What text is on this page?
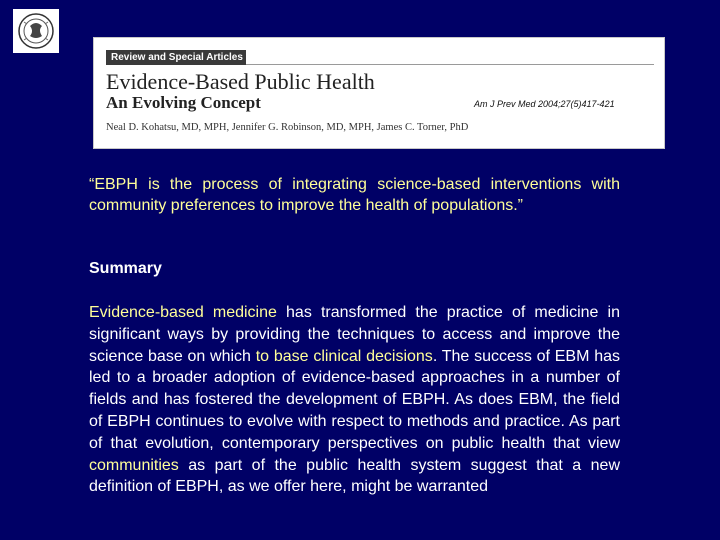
Review and Special Articles
Evidence-Based Public Health
An Evolving Concept	Am J Prev Med 2004;27(5)417-421
Neal D. Kohatsu, MD, MPH, Jennifer G. Robinson, MD, MPH, James C. Torner, PhD
“EBPH is the process of integrating science-based interventions with community preferences to improve the health of populations.”
Summary
Evidence-based medicine has transformed the practice of medicine in significant ways by providing the techniques to access and improve the science base on which to base clinical decisions. The success of EBM has led to a broader adoption of evidence-based approaches in a number of fields and has fostered the development of EBPH. As does EBM, the field of EBPH continues to evolve with respect to methods and practice. As part of that evolution, contemporary perspectives on public health that view communities as part of the public health system suggest that a new definition of EBPH, as we offer here, might be warranted
